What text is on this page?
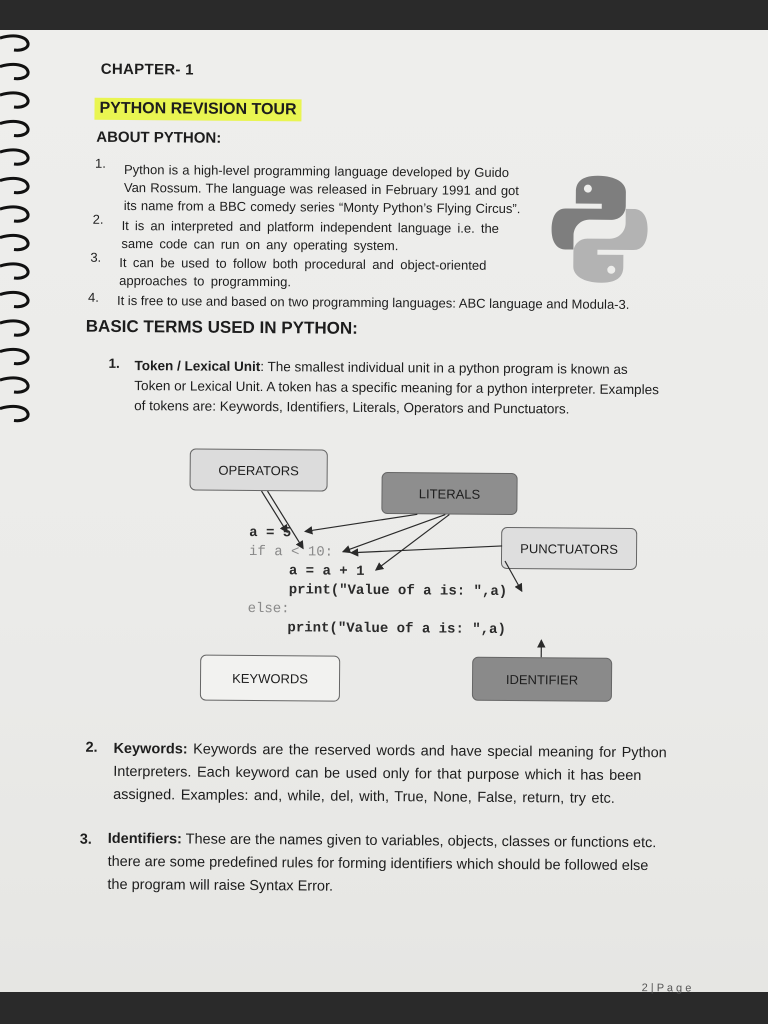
CHAPTER- 1
PYTHON REVISION TOUR
ABOUT PYTHON:
1. Python is a high-level programming language developed by Guido
Van Rossum. The language was released in February 1991 and got
its name from a BBC comedy series “Monty Python’s Flying Circus”.
2. It is an interpreted and platform independent language i.e. the
same code can run on any operating system.
3. It can be used to follow both procedural and object-oriented
approaches to programming.
4. It is free to use and based on two programming languages: ABC language and Modula-3.
BASIC TERMS USED IN PYTHON:
1. Token / Lexical Unit: The smallest individual unit in a python program is known as
Token or Lexical Unit. A token has a specific meaning for a python interpreter. Examples
of tokens are: Keywords, Identifiers, Literals, Operators and Punctuators.
OPERATORS
LITERALS
PUNCTUATORS
KEYWORDS	IDENTIFIER
a = 5
if a < 10:
a = a + 1
print("Value of a is: ",a)
else:
print("Value of a is: ",a)
2. Keywords: Keywords are the reserved words and have special meaning for Python
Interpreters. Each keyword can be used only for that purpose which it has been
assigned. Examples: and, while, del, with, True, None, False, return, try etc.
3. Identifiers: These are the names given to variables, objects, classes or functions etc.
there are some predefined rules for forming identifiers which should be followed else
the program will raise Syntax Error.
2 | P a g e
